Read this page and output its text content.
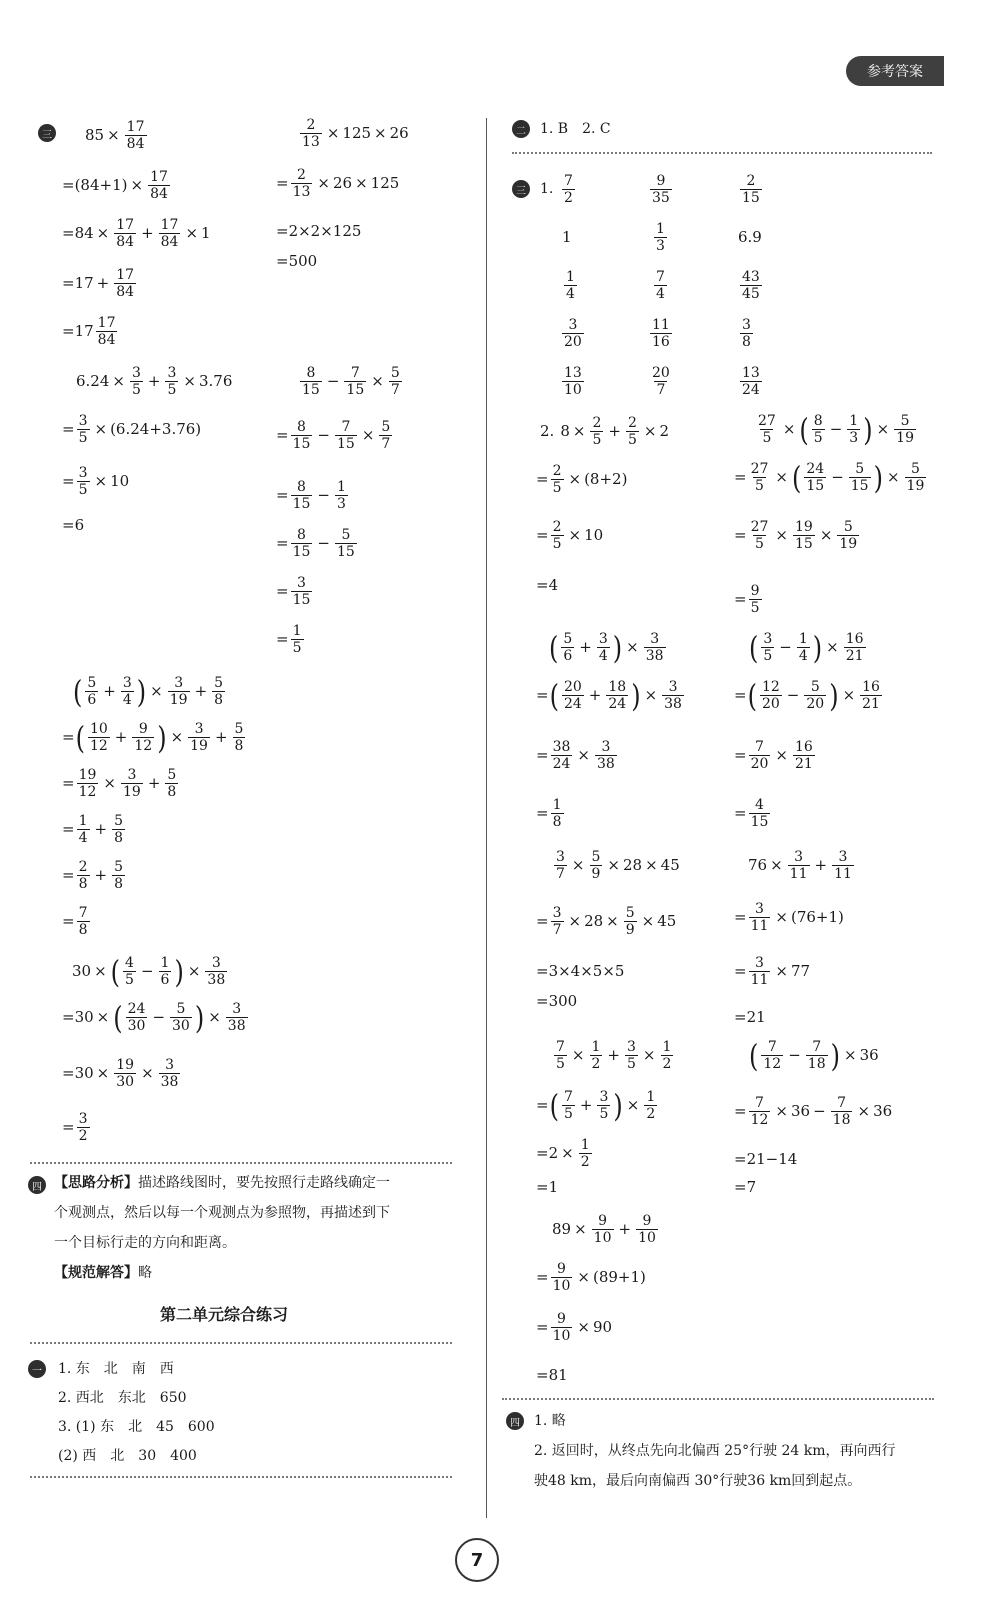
参考答案
三 $85 \times \frac{17}{84}$
$=(84+1) \times \frac{17}{84}$
$=84 \times \frac{17}{84} + \frac{17}{84} \times 1$
$=17 + \frac{17}{84}$
$=17 \frac{17}{84}$
$\frac{2}{13} \times 125 \times 26$
= $\frac{2}{13} \times 26 \times 125$
=2×2×125
=500
$6.24 \times \frac{3}{5} + \frac{3}{5} \times 3.76$
= $\frac{3}{5} \times (6.24+3.76)$
= $\frac{3}{5} \times 10$
=6
$\frac{8}{15} - \frac{7}{15} \times \frac{5}{7}$
= $\frac{8}{15} - \frac{7}{15} \times \frac{5}{7}$
= $\frac{8}{15} - \frac{1}{3}$
= $\frac{8}{15} - \frac{5}{15}$
= $\frac{3}{15}$
= $\frac{1}{5}$
( $\frac{5}{6} + \frac{3}{4}$ ) × $\frac{3}{19} + \frac{5}{8}$
= ( $\frac{10}{12} + \frac{9}{12}$ ) × $\frac{3}{19} + \frac{5}{8}$
= $\frac{19}{12} \times \frac{3}{19} + \frac{5}{8}$
= $\frac{1}{4} + \frac{5}{8}$
= $\frac{2}{8} + \frac{5}{8}$
= $\frac{7}{8}$
30 × ( $\frac{4}{5} - \frac{1}{6}$ ) × $\frac{3}{38}$
=30 × ( $\frac{24}{30} - \frac{5}{30}$ ) × $\frac{3}{38}$
$=30 \times \frac{19}{30} \times \frac{3}{38}$
= $\frac{3}{2}$
四 【思路分析】描述路线图时，要先按照行走路线确定一
个观测点，然后以每一个观测点为参照物，再描述到下
一个目标行走的方向和距离。
【规范解答】略
第二单元综合练习
一 1. 东　北　南　西
2. 西北　东北　650
3. (1) 东　北　45　600
(2) 西　北　30　400
二 1. B　2. C
三 1. $\frac{7}{2}$	$\frac{9}{35}$	$\frac{2}{15}$
1	$\frac{1}{3}$	6.9
$\frac{1}{4}$	$\frac{7}{4}$	$\frac{43}{45}$
$\frac{3}{20}$	$\frac{11}{16}$	$\frac{3}{8}$
$\frac{13}{10}$	$\frac{20}{7}$	$\frac{13}{24}$
2. $8 \times \frac{2}{5} + \frac{2}{5} \times 2$
= $\frac{2}{5} \times (8+2)$
= $\frac{2}{5} \times 10$
=4
$\frac{27}{5}$ × ( $\frac{8}{5} - \frac{1}{3}$ ) × $\frac{5}{19}$
= $\frac{27}{5}$ × ( $\frac{24}{15} - \frac{5}{15}$ ) × $\frac{5}{19}$
= $\frac{27}{5} \times \frac{19}{15} \times \frac{5}{19}$
= $\frac{9}{5}$
( $\frac{5}{6} + \frac{3}{4}$ ) × $\frac{3}{38}$
= ( $\frac{20}{24} + \frac{18}{24}$ ) × $\frac{3}{38}$
= $\frac{38}{24} \times \frac{3}{38}$
= $\frac{1}{8}$
( $\frac{3}{5} - \frac{1}{4}$ ) × $\frac{16}{21}$
= ( $\frac{12}{20} - \frac{5}{20}$ ) × $\frac{16}{21}$
= $\frac{7}{20} \times \frac{16}{21}$
= $\frac{4}{15}$
$\frac{3}{7} \times \frac{5}{9} \times 28 \times 45$
= $\frac{3}{7} \times 28 \times \frac{5}{9} \times 45$
=3×4×5×5
=300
$76 \times \frac{3}{11} + \frac{3}{11}$
= $\frac{3}{11} \times (76+1)$
= $\frac{3}{11} \times 77$
=21
$\frac{7}{5} \times \frac{1}{2} + \frac{3}{5} \times \frac{1}{2}$
= ( $\frac{7}{5} + \frac{3}{5}$ ) × $\frac{1}{2}$
$=2 \times \frac{1}{2}$
=1
( $\frac{7}{12} - \frac{7}{18}$ ) × 36
= $\frac{7}{12} \times 36 - \frac{7}{18} \times 36$
=21−14
=7
$89 \times \frac{9}{10} + \frac{9}{10}$
= $\frac{9}{10} \times (89+1)$
= $\frac{9}{10} \times 90$
=81
四 1. 略
2. 返回时，从终点先向北偏西 25°行驶 24 km，再向西行
驶48 km，最后向南偏西 30°行驶36 km回到起点。
7
